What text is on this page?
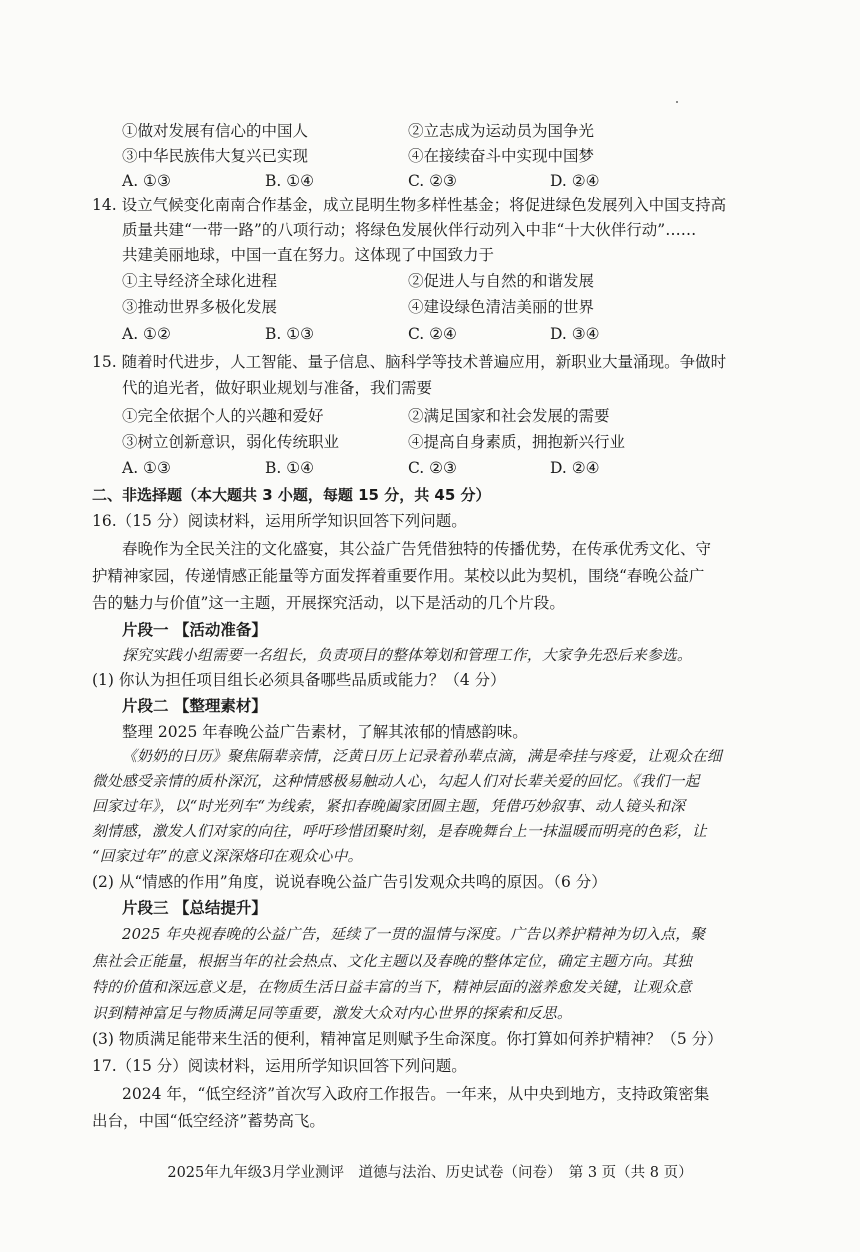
①做对发展有信心的中国人	②立志成为运动员为国争光
③中华民族伟大复兴已实现	④在接续奋斗中实现中国梦
A. ①③	B. ①④	C. ②③	D. ②④
14. 设立气候变化南南合作基金，成立昆明生物多样性基金；将促进绿色发展列入中国支持高
质量共建“一带一路”的八项行动；将绿色发展伙伴行动列入中非“十大伙伴行动”……
共建美丽地球，中国一直在努力。这体现了中国致力于
①主导经济全球化进程	②促进人与自然的和谐发展
③推动世界多极化发展	④建设绿色清洁美丽的世界
A. ①②	B. ①③	C. ②④	D. ③④
15. 随着时代进步，人工智能、量子信息、脑科学等技术普遍应用，新职业大量涌现。争做时
代的追光者，做好职业规划与准备，我们需要
①完全依据个人的兴趣和爱好	②满足国家和社会发展的需要
③树立创新意识，弱化传统职业	④提高自身素质，拥抱新兴行业
A. ①③	B. ①④	C. ②③	D. ②④
二、非选择题（本大题共 3 小题，每题 15 分，共 45 分）
16.（15 分）阅读材料，运用所学知识回答下列问题。
春晚作为全民关注的文化盛宴，其公益广告凭借独特的传播优势，在传承优秀文化、守
护精神家园，传递情感正能量等方面发挥着重要作用。某校以此为契机，围绕“春晚公益广
告的魅力与价值”这一主题，开展探究活动，以下是活动的几个片段。
片段一 【活动准备】
探究实践小组需要一名组长，负责项目的整体筹划和管理工作，大家争先恐后来参选。
(1) 你认为担任项目组长必须具备哪些品质或能力？（4 分）
片段二 【整理素材】
整理 2025 年春晚公益广告素材，了解其浓郁的情感韵味。
《奶奶的日历》聚焦隔辈亲情，泛黄日历上记录着孙辈点滴，满是牵挂与疼爱，让观众在细
微处感受亲情的质朴深沉，这种情感极易触动人心，勾起人们对长辈关爱的回忆。《我们一起
回家过年》，以“时光列车“为线索，紧扣春晚阖家团圆主题，凭借巧妙叙事、动人镜头和深
刻情感，激发人们对家的向往，呼吁珍惜团聚时刻，是春晚舞台上一抹温暖而明亮的色彩，让
“回家过年”的意义深深烙印在观众心中。
(2) 从“情感的作用”角度，说说春晚公益广告引发观众共鸣的原因。（6 分）
片段三 【总结提升】
2025 年央视春晚的公益广告，延续了一贯的温情与深度。广告以养护精神为切入点，聚
焦社会正能量，根据当年的社会热点、文化主题以及春晚的整体定位，确定主题方向。其独
特的价值和深远意义是，在物质生活日益丰富的当下，精神层面的滋养愈发关键，让观众意
识到精神富足与物质满足同等重要，激发大众对内心世界的探索和反思。
(3) 物质满足能带来生活的便利，精神富足则赋予生命深度。你打算如何养护精神？（5 分）
17.（15 分）阅读材料，运用所学知识回答下列问题。
2024 年，“低空经济”首次写入政府工作报告。一年来，从中央到地方，支持政策密集
出台，中国“低空经济”蓄势高飞。
2025年九年级3月学业测评　道德与法治、历史试卷（问卷）　第 3 页（共 8 页）
